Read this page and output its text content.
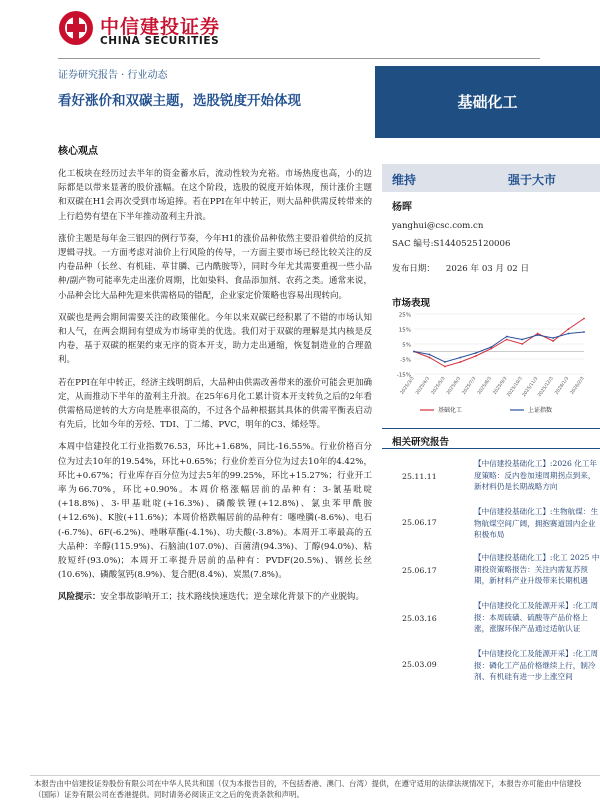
中信建投证券
CHINA SECURITIES
证券研究报告 · 行业动态
看好涨价和双碳主题，选股锐度开始体现	基础化工
核心观点

化工板块在经历过去半年的资金蓄水后，流动性较为充裕。市场热度也高，小的边际都是以带来显著的股价涨幅。在这个阶段，选股的锐度开始体现，预计涨价主题和双碳在H1会再次受到市场追捧。若在PPI在年中转正，则大品种供需反转带来的上行趋势有望在下半年推动盈利主升浪。

涨价主题是每年金三银四的例行节奏，今年H1的涨价品种依然主要沿着供给的反抗逻辑寻找。一方面考虑对油价上行风险的传导，一方面主要市场已经比较关注的反内卷品种（长丝、有机硅、草甘膦、己内酰胺等），同时今年尤其需要重视一些小品种/副产物可能率先走出涨价周期，比如染料、食品添加剂、农药之类。通常来说，小品种会比大品种先迎来供需格局的错配，企业家定价策略也容易出现转向。

双碳也是两会期间需要关注的政策催化。今年以来双碳已经积累了不错的市场认知和人气，在两会期间有望成为市场审美的优选。我们对于双碳的理解是其内核是反内卷，基于双碳的框架约束无序的资本开支，助力走出通缩，恢复制造业的合理盈利。

若在PPI在年中转正，经济主线明朗后，大品种由供需改善带来的涨价可能会更加确定，从而推动下半年的盈利主升浪。在25年6月化工累计资本开支转负之后的2年看供需格局逆转的大方向是胜率很高的，不过各个品种根据其具体的供需平衡表启动有先后，比如今年的芳烃、TDI、丁二烯、PVC，明年的C3、烯烃等。

本周中信建投化工行业指数76.53，环比+1.68%，同比-16.55%。行业价格百分位为过去10年的19.54%，环比+0.65%；行业价差百分位为过去10年的4.42%，环比+0.67%；行业库存百分位为过去5年的99.25%，环比+15.27%；行业开工率为66.70%，环比+0.90%。本周价格涨幅居前的品种有：3-氰基吡啶(+18.8%)、3-甲基吡啶(+16.3%)、磷酸铁锂(+12.8%)、氯虫苯甲酰胺(+12.6%)、K胺(+11.6%)；本周价格跌幅居前的品种有：噻唑膦(-8.6%)、电石(-6.7%)、6F(-6.2%)、唑啉草酯(-4.1%)、功夫酸(-3.8%)。本周开工率最高的五大品种：辛醇(115.9%)、石脑油(107.0%)、百菌清(94.3%)、丁醇(94.0%)、粘胶短纤(93.0%)；本周开工率提升居前的品种有：PVDF(20.5%)、钢丝长丝(10.6%)、磷酸氢钙(8.9%)、复合肥(8.4%)、炭黑(7.8%)。

风险提示：安全事故影响开工；技术路线快速迭代；逆全球化背景下的产业脱钩。

维持	强于大市
杨晖
yanghui@csc.com.cn
SAC 编号:S1440525120006
发布日期：    2026 年 03 月 02 日
市场表现
25%
15%
5%
-5%
-15%
2025/3/3 2025/4/3 2025/5/3 2025/6/3 2025/7/3 2025/8/3 2025/9/3
2025/10/3
2025/11/3
2025/12/3 2026/1/3 2026/2/3
基础化工	上证指数
相关研究报告
25.11.11
【中信建投基础化工】:2026 化工年度策略：反内卷加速周期拐点到来，新材料仍是长期战略方向
25.06.17
【中信建投基础化工】:生物航煤：生物航煤空间广阔，拥抱赛道国内企业积极布局
25.06.17
【中信建投基础化工】:化工 2025 中期投资策略报告：关注内需复苏预期，新材料产业升级带来长期机遇
25.03.16
【中信建投化工及能源开采】:化工周报：本周硫磺、硫酸等产品价格上涨，涨脲环保产品通过适航认证
25.03.09
【中信建投化工及能源开采】:化工周报：磷化工产品价格继续上行，制冷剂、有机硅有进一步上涨空间
本报告由中信建投证券股份有限公司在中华人民共和国（仅为本报告目的，不包括香港、澳门、台湾）提供，在遵守适用的法律法规情况下，本报告亦可能由中信建投（国际）证券有限公司在香港提供。同时请务必阅读正文之后的免责条款和声明。
